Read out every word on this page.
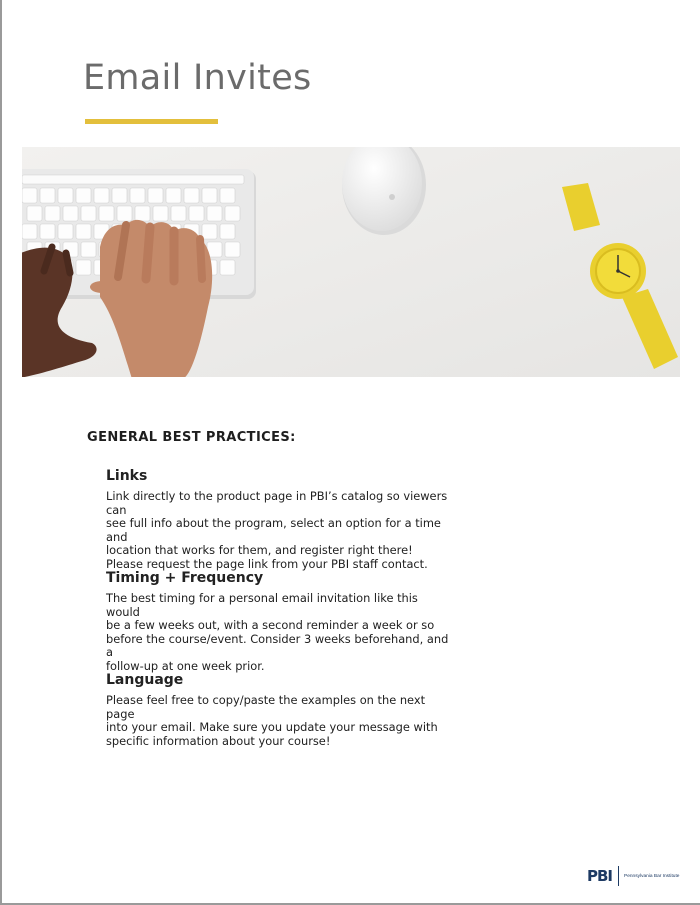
Email Invites
GENERAL BEST PRACTICES:
Links

Link directly to the product page in PBI’s catalog so viewers can
see full info about the program, select an option for a time and
location that works for them, and register right there!
Please request the page link from your PBI staff contact.

Timing + Frequency

The best timing for a personal email invitation like this would
be a few weeks out, with a second reminder a week or so
before the course/event. Consider 3 weeks beforehand, and a
follow-up at one week prior.

Language

Please feel free to copy/paste the examples on the next page
into your email. Make sure you update your message with
specific information about your course!

PBI	Pennsylvania Bar Institute
